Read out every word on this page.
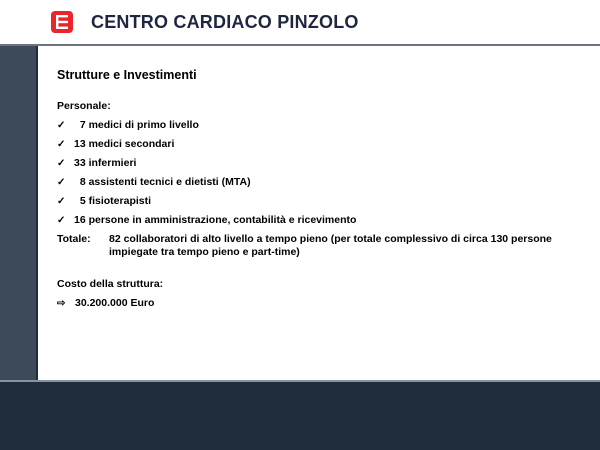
CENTRO CARDIACO PINZOLO
Strutture e Investimenti
Personale:
✓ 7 medici di primo livello
✓ 13 medici secondari
✓ 33 infermieri
✓ 8 assistenti tecnici e dietisti (MTA)
✓ 5 fisioterapisti
✓ 16 persone in amministrazione, contabilità e ricevimento
Totale:	82 collaboratori di alto livello a tempo pieno (per totale complessivo di circa 130 persone impiegate tra tempo pieno e part-time)
Costo della struttura:
⇨ 30.200.000 Euro
